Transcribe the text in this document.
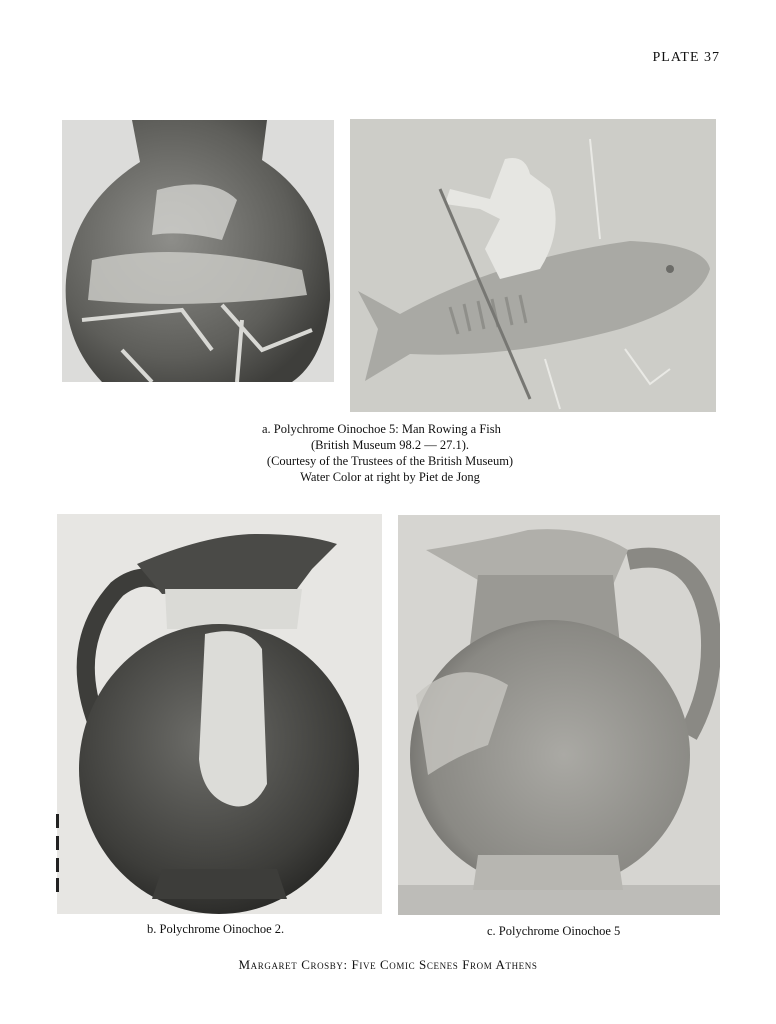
PLATE 37
a. Polychrome Oinochoe 5: Man Rowing a Fish
(British Museum 98.2 — 27.1).
(Courtesy of the Trustees of the British Museum)
Water Color at right by Piet de Jong
b. Polychrome Oinochoe 2.	c. Polychrome Oinochoe 5
Margaret Crosby: Five Comic Scenes From Athens
